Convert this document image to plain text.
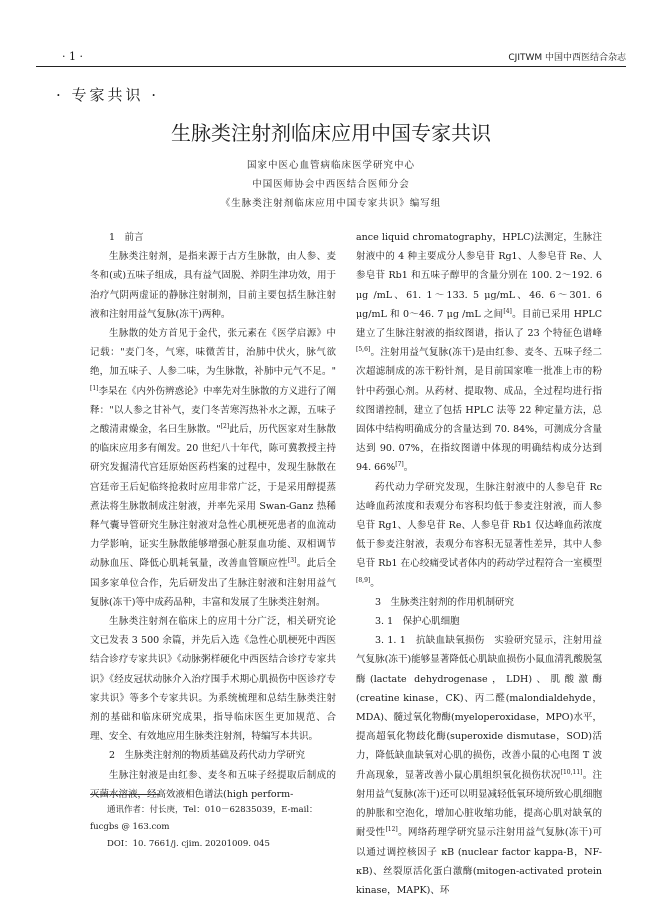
· 1 ·	CJITWM 中国中西医结合杂志
· 专家共识 ·
生脉类注射剂临床应用中国专家共识
国家中医心血管病临床医学研究中心
中国医师协会中西医结合医师分会
《生脉类注射剂临床应用中国专家共识》编写组
1　前言

生脉类注射剂，是指来源于古方生脉散，由人参、麦冬和(或)五味子组成，具有益气固脱、养阴生津功效，用于治疗气阴两虚证的静脉注射制剂，目前主要包括生脉注射液和注射用益气复脉(冻干)两种。

生脉散的处方首见于金代，张元素在《医学启源》中记载："麦门冬，气寒，味微苦甘，治肺中伏火，脉气欲绝，加五味子、人参二味，为生脉散，补肺中元气不足。"[1]李杲在《内外伤辨惑论》中率先对生脉散的方义进行了阐释："以人参之甘补气，麦门冬苦寒泻热补水之源，五味子之酸清肃燥金，名曰生脉散。"[2]此后，历代医家对生脉散的临床应用多有阐发。20 世纪八十年代，陈可冀教授主持研究发掘清代宫廷原始医药档案的过程中，发现生脉散在宫廷帝王后妃临终抢救时应用非常广泛，于是采用醇提蒸煮法将生脉散制成注射液，并率先采用 Swan-Ganz 热稀释气囊导管研究生脉注射液对急性心肌梗死患者的血流动力学影响，证实生脉散能够增强心脏泵血功能、双相调节动脉血压、降低心肌耗氧量，改善血管顺应性[3]。此后全国多家单位合作，先后研发出了生脉注射液和注射用益气复脉(冻干)等中成药品种，丰富和发展了生脉类注射剂。

生脉类注射剂在临床上的应用十分广泛，相关研究论文已发表 3 500 余篇，并先后入选《急性心肌梗死中西医结合诊疗专家共识》《动脉粥样硬化中西医结合诊疗专家共识》《经皮冠状动脉介入治疗围手术期心肌损伤中医诊疗专家共识》等多个专家共识。为系统梳理和总结生脉类注射剂的基础和临床研究成果，指导临床医生更加规范、合理、安全、有效地应用生脉类注射剂，特编写本共识。

2　生脉类注射剂的物质基础及药代动力学研究

生脉注射液是由红参、麦冬和五味子经提取后制成的灭菌水溶液，经高效液相色谱法(high perform-

ance liquid chromatography，HPLC)法测定，生脉注射液中的 4 种主要成分人参皂苷 Rg1、人参皂苷 Re、人参皂苷 Rb1 和五味子醇甲的含量分别在 100. 2～192. 6 μg /mL、61. 1～133. 5 μg/mL、46. 6～301. 6 μg/mL 和 0～46. 7 μg /mL 之间[4]。目前已采用 HPLC 建立了生脉注射液的指纹图谱，指认了 23 个特征色谱峰[5,6]。注射用益气复脉(冻干)是由红参、麦冬、五味子经二次超滤制成的冻干粉针剂，是目前国家唯一批准上市的粉针中药强心剂。从药材、提取物、成品，全过程均进行指纹图谱控制，建立了包括 HPLC 法等 22 种定量方法，总固体中结构明确成分的含量达到 70. 84%，可测成分含量达到 90. 07%，在指纹图谱中体现的明确结构成分达到 94. 66%[7]。

药代动力学研究发现，生脉注射液中的人参皂苷 Rc 达峰血药浓度和表观分布容积均低于参麦注射液，而人参皂苷 Rg1、人参皂苷 Re、人参皂苷 Rb1 仅达峰血药浓度低于参麦注射液，表观分布容积无显著性差异，其中人参皂苷 Rb1 在心绞痛受试者体内的药动学过程符合一室模型[8,9]。

3　生脉类注射剂的作用机制研究
3. 1　保护心肌细胞

3. 1. 1　抗缺血缺氧损伤　实验研究显示，注射用益气复脉(冻干)能够显著降低心肌缺血损伤小鼠血清乳酸脱氢酶(lactate dehydrogenase，LDH)、肌酸激酶(creatine kinase，CK)、丙二醛(malondialdehyde，MDA)、髓过氧化物酶(myeloperoxidase，MPO)水平，提高超氧化物歧化酶(superoxide dismutase，SOD)活力，降低缺血缺氧对心肌的损伤，改善小鼠的心电图 T 波升高现象，显著改善小鼠心肌组织氧化损伤状况[10,11]。注射用益气复脉(冻干)还可以明显减轻低氧环境所致心肌细胞的肿胀和空泡化，增加心脏收缩功能，提高心肌对缺氧的耐受性[12]。网络药理学研究显示注射用益气复脉(冻干)可以通过调控核因子 κB (nuclear factor kappa-B，NF-κB)、丝裂原活化蛋白激酶(mitogen-activated protein kinase，MAPK)、环

通讯作者：付长庚，Tel：010－62835039，E-mail：fucgbs @ 163.com
DOI：10. 7661/j. cjim. 20201009. 045
